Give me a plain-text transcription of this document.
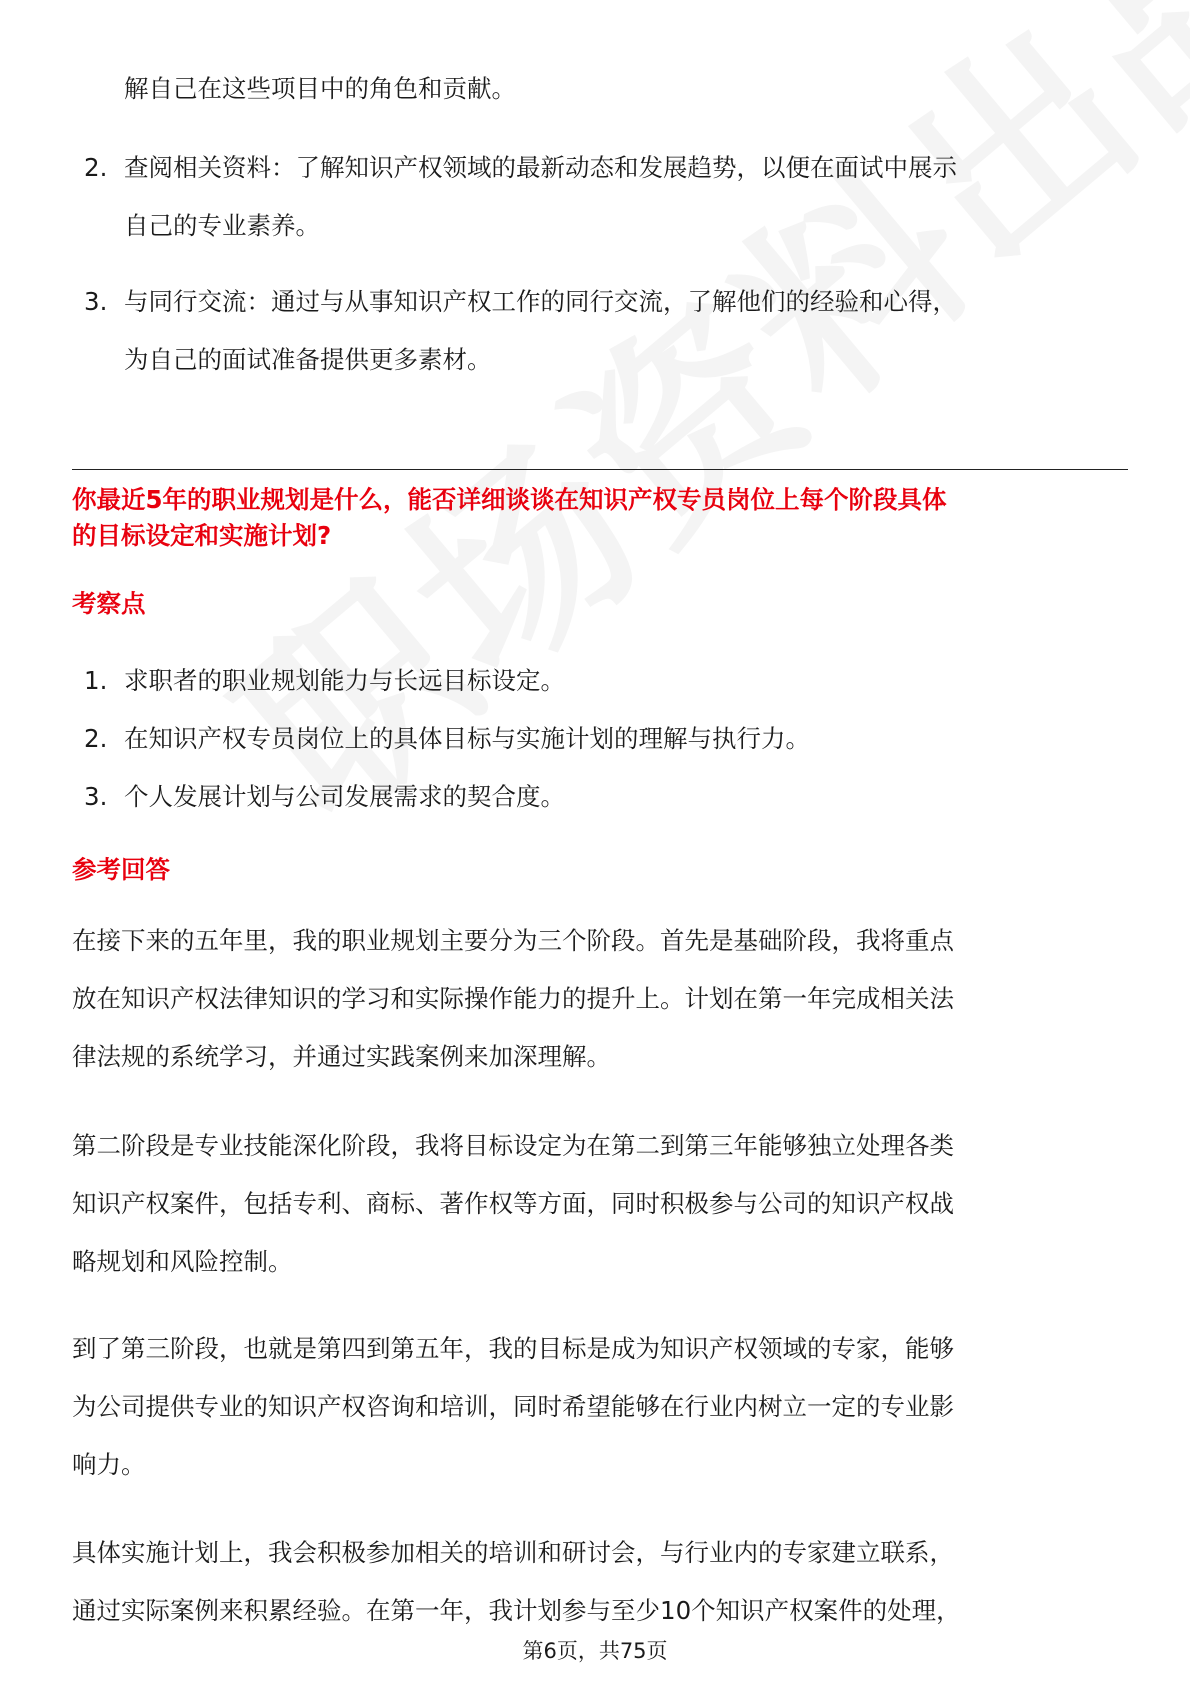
解自己在这些项目中的角色和贡献。
2. 查阅相关资料：了解知识产权领域的最新动态和发展趋势，以便在面试中展示
自己的专业素养。
3. 与同行交流：通过与从事知识产权工作的同行交流，了解他们的经验和心得，
为自己的面试准备提供更多素材。
你最近5年的职业规划是什么，能否详细谈谈在知识产权专员岗位上每个阶段具体
的目标设定和实施计划?
考察点
1. 求职者的职业规划能力与长远目标设定。
2. 在知识产权专员岗位上的具体目标与实施计划的理解与执行力。
3. 个人发展计划与公司发展需求的契合度。
参考回答
在接下来的五年里，我的职业规划主要分为三个阶段。首先是基础阶段，我将重点
放在知识产权法律知识的学习和实际操作能力的提升上。计划在第一年完成相关法
律法规的系统学习，并通过实践案例来加深理解。
第二阶段是专业技能深化阶段，我将目标设定为在第二到第三年能够独立处理各类
知识产权案件，包括专利、商标、著作权等方面，同时积极参与公司的知识产权战
略规划和风险控制。
到了第三阶段，也就是第四到第五年，我的目标是成为知识产权领域的专家，能够
为公司提供专业的知识产权咨询和培训，同时希望能够在行业内树立一定的专业影
响力。
具体实施计划上，我会积极参加相关的培训和研讨会，与行业内的专家建立联系，
通过实际案例来积累经验。在第一年，我计划参与至少10个知识产权案件的处理，
第6页，共75页
